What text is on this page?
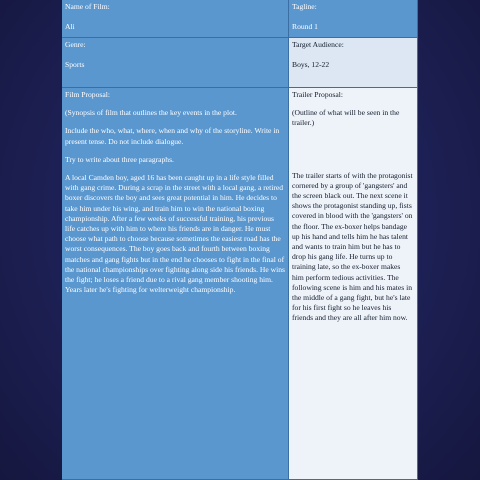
Name of Film:

Ali

Tagline:

Round 1

Genre:

Sports

Target Audience:

Boys, 12-22

Film Proposal:

(Synopsis of film that outlines the key events in the plot.

Include the who, what, where, when and why of the storyline. Write in present tense. Do not include dialogue.

Try to write about three paragraphs.

A local Camden boy, aged 16 has been caught up in a life style filled with gang crime. During a scrap in the street with a local gang, a retired boxer discovers the boy and sees great potential in him. He decides to take him under his wing, and train him to win the national boxing championship. After a few weeks of successful training, his previous life catches up with him to where his friends are in danger. He must choose what path to choose because sometimes the easiest road has the worst consequences. The boy goes back and fourth between boxing matches and gang fights but in the end he chooses to fight in the final of the national championships over fighting along side his friends. He wins the fight; he loses a friend due to a rival gang member shooting him. Years later he's fighting for welterweight championship.

Trailer Proposal:

(Outline of what will be seen in the trailer.)

The trailer starts of with the protagonist cornered by a group of 'gangsters' and the screen black out. The next scene it shows the protagonist standing up, fists covered in blood with the 'gangsters' on the floor. The ex-boxer helps bandage up his hand and tells him he has talent and wants to train him but he has to drop his gang life. He turns up to training late, so the ex-boxer makes him perform tedious activities. The following scene is him and his mates in the middle of a gang fight, but he's late for his first fight so he leaves his friends and they are all after him now.
